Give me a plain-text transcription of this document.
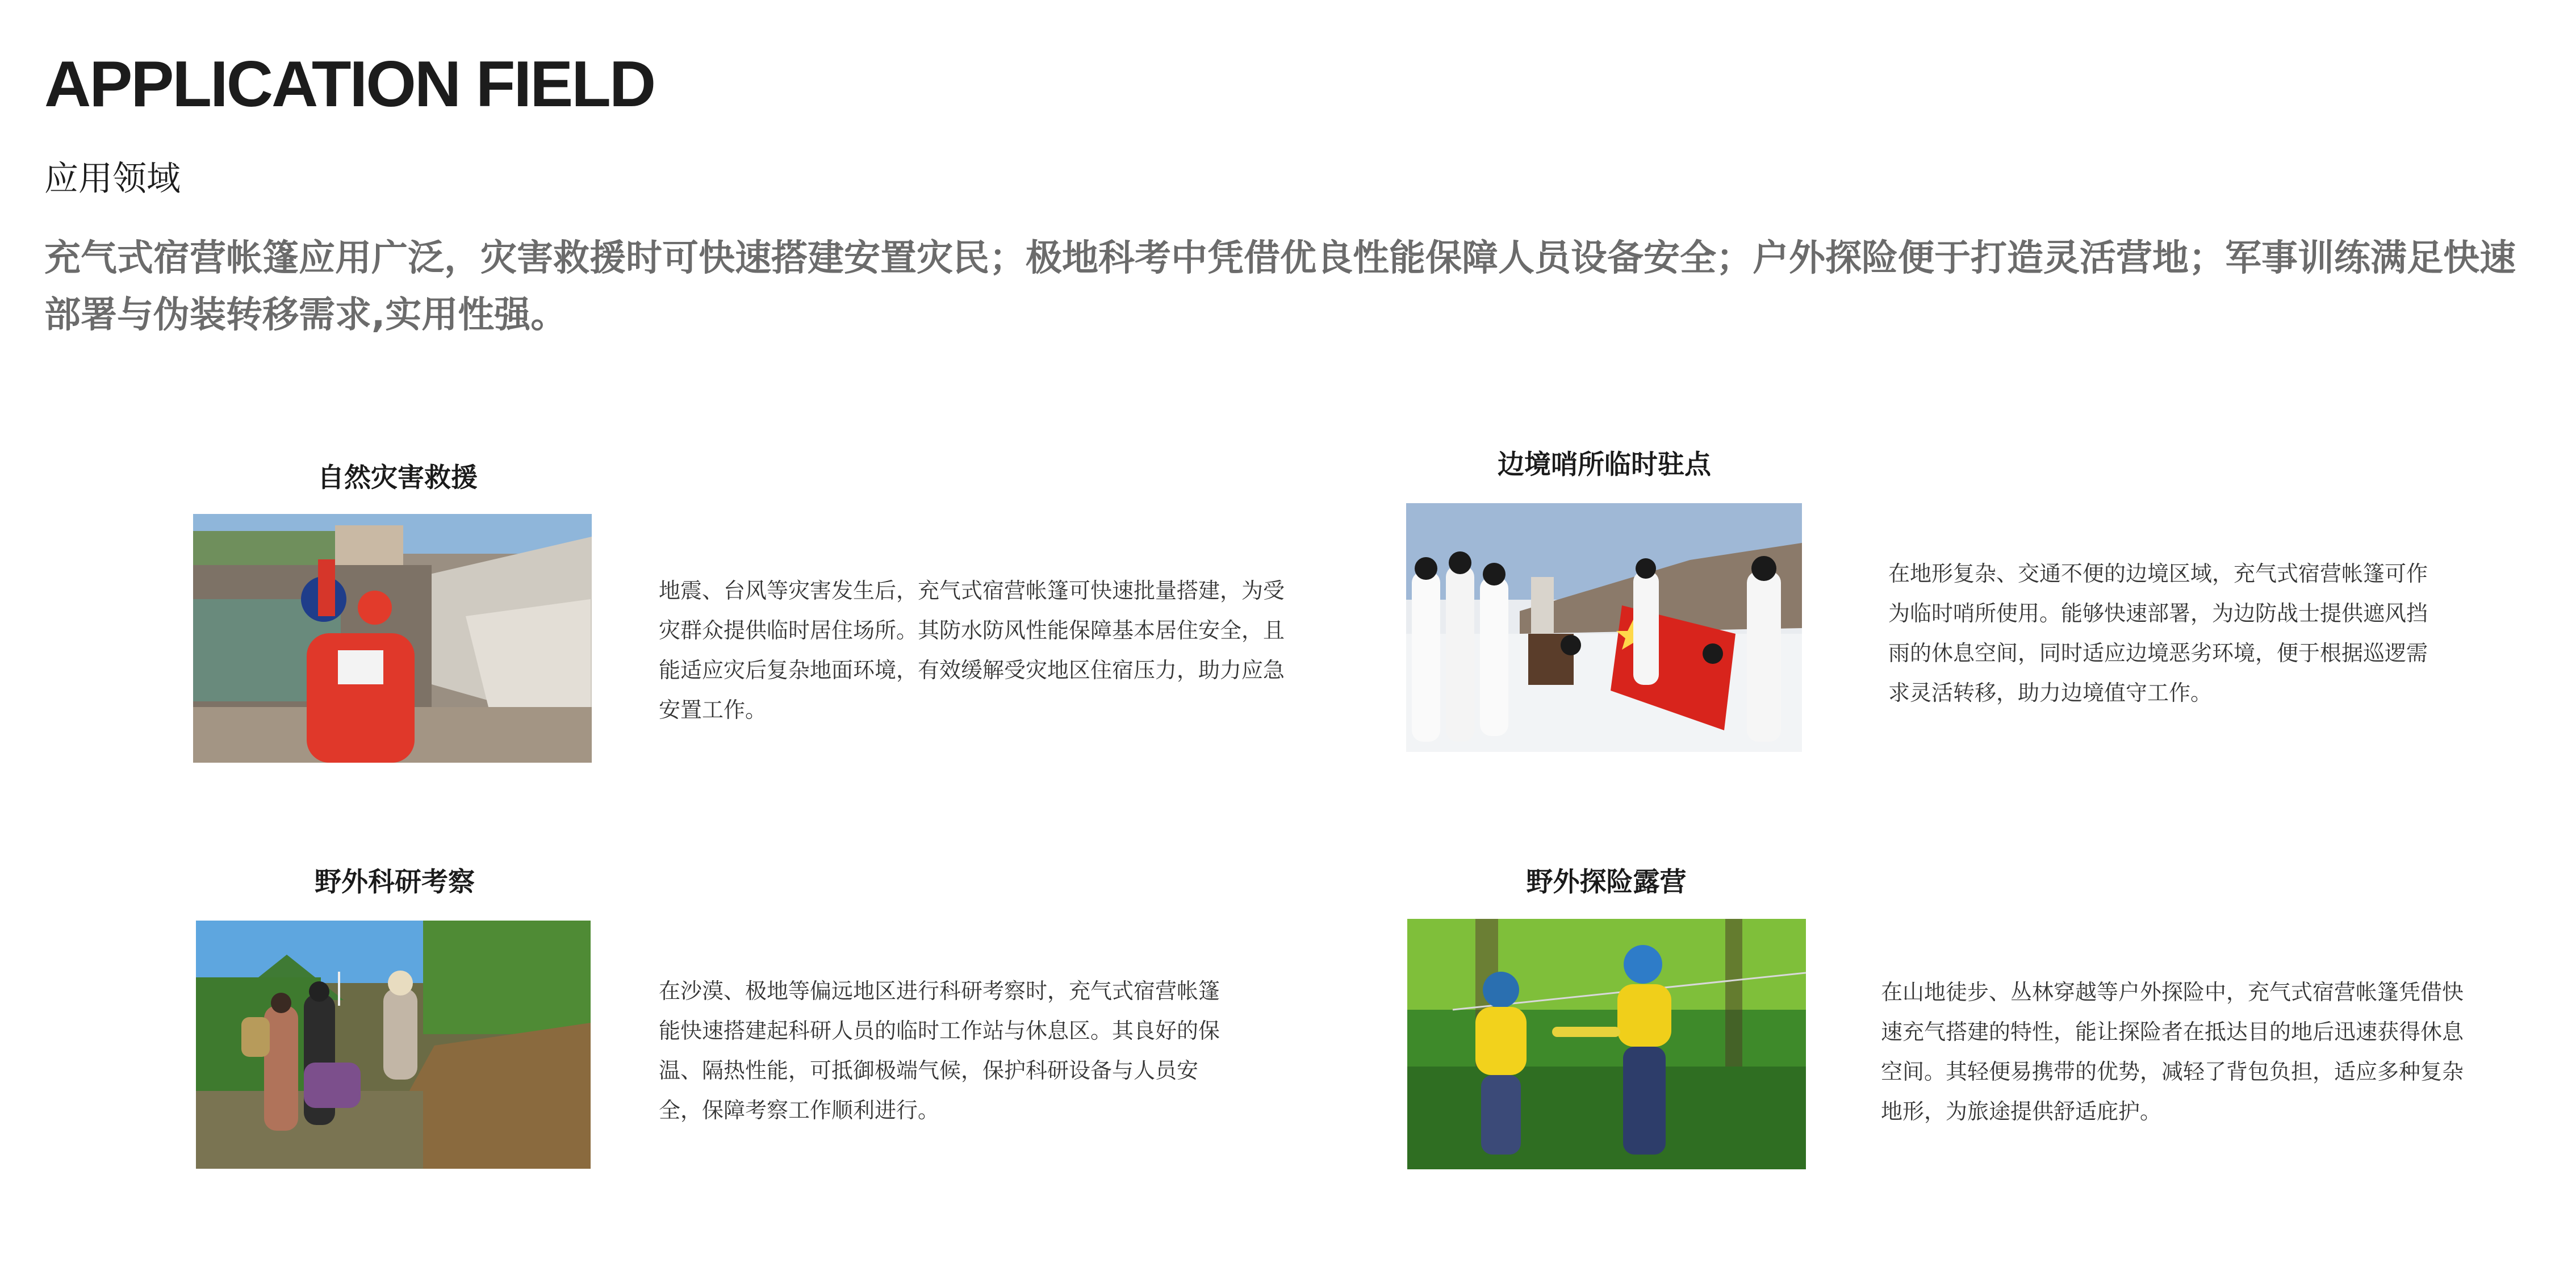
APPLICATION FIELD
应用领域

充气式宿营帐篷应用广泛，灾害救援时可快速搭建安置灾民；极地科考中凭借优良性能保障人员设备安全；户外探险便于打造灵活营地；军事训练满足快速部署与伪装转移需求,实用性强。

自然灾害救援

地震、台风等灾害发生后，充气式宿营帐篷可快速批量搭建，为受灾群众提供临时居住场所。其防水防风性能保障基本居住安全，且能适应灾后复杂地面环境，有效缓解受灾地区住宿压力，助力应急安置工作。

边境哨所临时驻点

在地形复杂、交通不便的边境区域，充气式宿营帐篷可作为临时哨所使用。能够快速部署，为边防战士提供遮风挡雨的休息空间，同时适应边境恶劣环境，便于根据巡逻需求灵活转移，助力边境值守工作。

野外科研考察

在沙漠、极地等偏远地区进行科研考察时，充气式宿营帐篷能快速搭建起科研人员的临时工作站与休息区。其良好的保温、隔热性能，可抵御极端气候，保护科研设备与人员安全，保障考察工作顺利进行。

野外探险露营

在山地徒步、丛林穿越等户外探险中，充气式宿营帐篷凭借快速充气搭建的特性，能让探险者在抵达目的地后迅速获得休息空间。其轻便易携带的优势，减轻了背包负担，适应多种复杂地形，为旅途提供舒适庇护。
